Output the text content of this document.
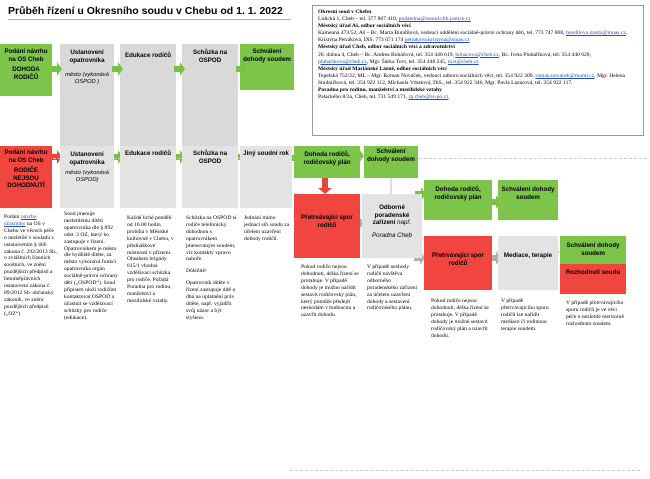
Průběh řízení u Okresního soudu v Chebu od 1. 1. 2022	Okresní soud v Chebu
Lidická 1, Cheb – tel. 377 867 410, podatelna@osoud.chb.justice.cz
Městský úřad Aš, odbor sociálních věcí
Kamenná 473/52, Aš – Bc. Marta Bundilová, vedoucí oddělení sociálně-právní ochrany dětí, tel. 773 747 868, bundilova.marta@muas.cz, Kristýna Petráková, DiS. 773 071 174 petrakova.kristyna@muas.cz
Městský úřad Cheb, odbor sociálních věcí a zdravotnictví
26. dubna 4, Cheb – Bc. Andrea Boháčová, tel. 354 440 619, bohacova@cheb.cz, Bc. Iveta Pluhaříková, tel: 354 440 620, pluharikova@cheb.cz, Mgr. Šárka Tovt, tel. 354 440 245, tovt@cheb.cz
Městský úřad Mariánské Lázně, odbor sociálních věcí
Tepelská 752/22, ML – Mgr. Roman Nováček, vedoucí odboru sociálních věcí, tel. 354 922 309, roman.novacek@muml.cz, Mgr. Helena Studničková, tel. 354 922 112, Michaela Vrbatová, DiS., tel. 354 922 346, Mgr. Pavla Lazurová, tel. 354 922 117.
Poradna pro rodinu, manželství a mezilidské vztahy
Palackého 8/2a, Cheb, tel. 731 549 171, rp.cheb@ss-po.cz
Podání návrhu na OS Cheb
DOHODA RODIČŮ
Ustanovení opatrovníka
město (vykonává OSPOD )
Edukace rodičů	Schůzka na OSPOD
Schválení dohody soudem
Podání návrhu na OS Cheb
RODIČE NEJSOU DOHODNUTÍ
Ustanovení opatrovníka
město (vykonává OSPOD)
Edukace rodičů	Schůzka na OSPOD
Jiný soudní rok	Dohoda rodičů, rodičovský plán
Schválení dohody soudem
Přetrvávající spor rodičů
Odborné poradenské zařízení např.
Poradna Cheb
Dohoda rodičů, rodičovský plán
Schválení dohody soudem
Přetrvávající spor rodičů
Mediace, terapie
Schválení dohody soudem
Rozhodnutí soudu
Podání návrhu účastníky na OS v Chebu ve věcech péče o nezletilé v souladu s ustanovením § 466 zákona č. 292/2013 Sb., o zvláštních řízeních soudních, ve znění pozdějších předpisů a hmotněprávních ustanovení zákona č. 89/2012 Sb. občanský zákoník, ve znění pozdějších předpisů („OZ“)
Soud jmenuje nezletilému dítěti opatrovníka dle § 892 odst. 3 OZ, který ho zastupuje v řízení. Opatrovníkem je město dle bydliště dítěte, za město vykonává funkci opatrovníka orgán sociálně-právní ochrany dětí („OSPOD“). Soud přípisem uloží rodičům kontaktovat OSPOD a účastnit se vzdělávací schůzky pro rodiče (edukace).
Každé liché pondělí od 16.00 hodin probíhá v Městské knihovně v Chebu, v přednáškové místnosti v přízemí. Obsahem brigády 615/1 vhodná vzdělávací schůzka pro rodiče. Pořádá Poradna pro rodinu, manželství a mezilidské vztahy.
Schůzka na OSPOD si rodiče telefonicky dohodnou s opatrovníkem jmenovaným soudem, viz kontakty vpravo nahoře.
Důležité!
Opatrovník dítěte v řízení zastupuje dítě a dbá na uplatnění práv dítěte, např. vyjádřit svůj názor a být slyšeno.
Jednání mimo jednací síň soudu za účelem uzavření dohody rodičů.
Pokud rodiče nejsou dohodnuti, délka řízení se protahuje. V případě dohody je možno nařídit sestavit rodičovský plán, který pomůže předejít neshodám v budoucnu a uzavřít dohodu.
V případě neshody rodičů návštěva odborného poradenského zařízení za účelem uzavření dohody a sestavení rodičovského plánu.
Pokud rodiče nejsou dohodnuti, délka řízení se protahuje. V případě dohody je možné sestavit rodičovský plán a uzavřít dohodu.
V případě přetrvávajícího sporu rodičů lze nařídit mediace či rodinnou terapie soudem.
V případě přetrvávajícího sporu rodičů je ve věci péče o nezletilé meritorně rozhodnuto soudem.
